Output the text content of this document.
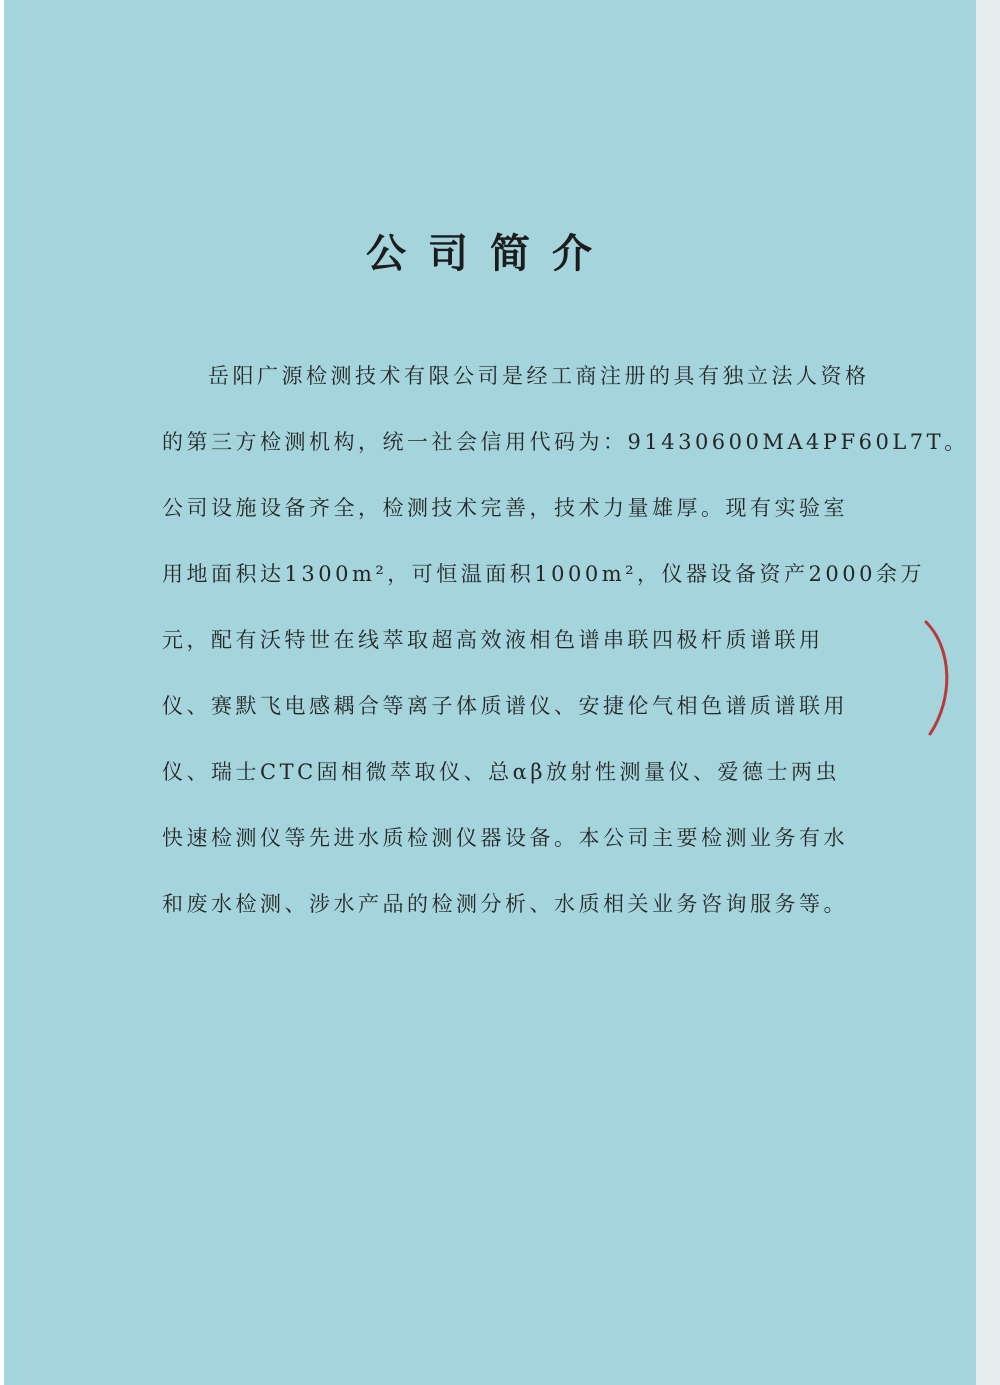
公司简介
岳阳广源检测技术有限公司是经工商注册的具有独立法人资格
的第三方检测机构，统一社会信用代码为：91430600MA4PF60L7T。
公司设施设备齐全，检测技术完善，技术力量雄厚。现有实验室
用地面积达1300m²，可恒温面积1000m²，仪器设备资产2000余万
元，配有沃特世在线萃取超高效液相色谱串联四极杆质谱联用
仪、赛默飞电感耦合等离子体质谱仪、安捷伦气相色谱质谱联用
仪、瑞士CTC固相微萃取仪、总αβ放射性测量仪、爱德士两虫
快速检测仪等先进水质检测仪器设备。本公司主要检测业务有水
和废水检测、涉水产品的检测分析、水质相关业务咨询服务等。
